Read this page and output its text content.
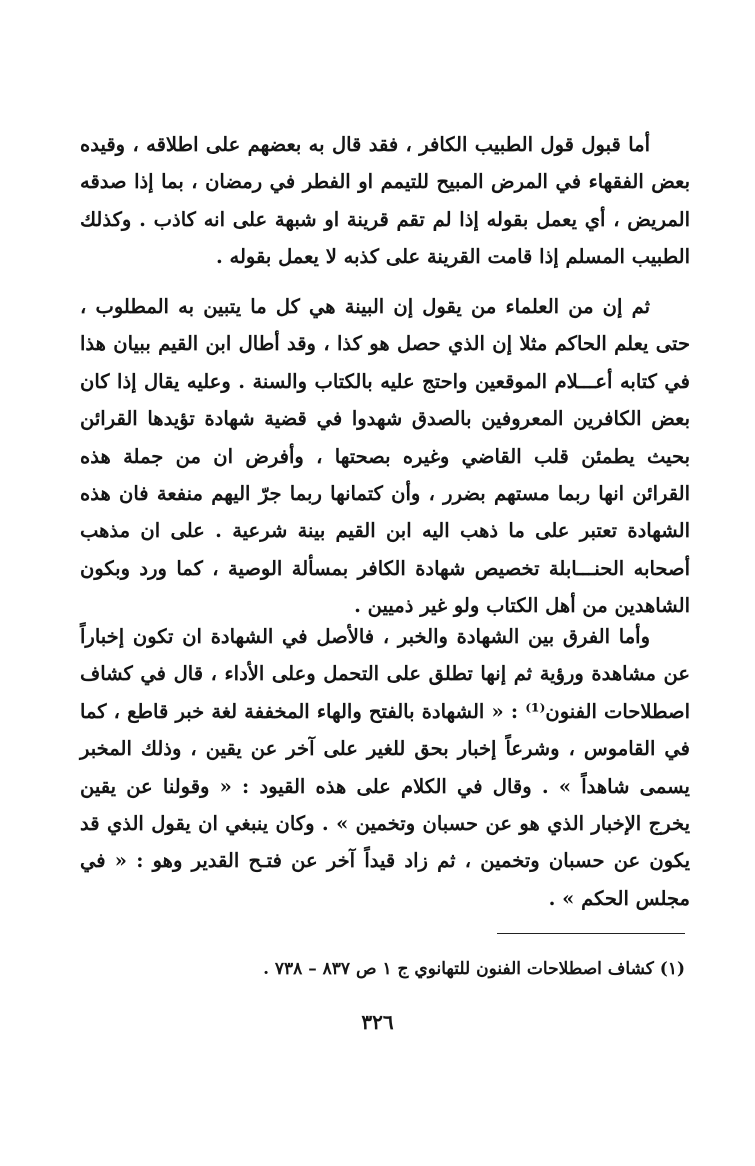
أما قبول قول الطبيب الكافر ، فقد قال به بعضهم على اطلاقه ، وقيده بعض الفقهاء في المرض المبيح للتيمم او الفطر في رمضان ، بما إذا صدقه المريض ، أي يعمل بقوله إذا لم تقم قرينة او شبهة على انه كاذب . وكذلك الطبيب المسلم إذا قامت القرينة على كذبه لا يعمل بقوله .

ثم إن من العلماء من يقول إن البينة هي كل ما يتبين به المطلوب ، حتى يعلم الحاكم مثلا إن الذي حصل هو كذا ، وقد أطال ابن القيم ببيان هذا في كتابه أعـــلام الموقعين واحتج عليه بالكتاب والسنة . وعليه يقال إذا كان بعض الكافرين المعروفين بالصدق شهدوا في قضية شهادة تؤيدها القرائن بحيث يطمئن قلب القاضي وغيره بصحتها ، وأفرض ان من جملة هذه القرائن انها ربما مستهم بضرر ، وأن كتمانها ربما جرّ اليهم منفعة فان هذه الشهادة تعتبر على ما ذهب اليه ابن القيم بينة شرعية . على ان مذهب أصحابه الحنـــابلة تخصيص شهادة الكافر بمسألة الوصية ، كما ورد وبكون الشاهدين من أهل الكتاب ولو غير ذميين .

وأما الفرق بين الشهادة والخبر ، فالأصل في الشهادة ان تكون إخباراً عن مشاهدة ورؤية ثم إنها تطلق على التحمل وعلى الأداء ، قال في كشاف اصطلاحات الفنون⁽¹⁾ : « الشهادة بالفتح والهاء المخففة لغة خبر قاطع ، كما في القاموس ، وشرعاً إخبار بحق للغير على آخر عن يقين ، وذلك المخبر يسمى شاهداً » . وقال في الكلام على هذه القيود : « وقولنا عن يقين يخرج الإخبار الذي هو عن حسبان وتخمين » . وكان ينبغي ان يقول الذي قد يكون عن حسبان وتخمين ، ثم زاد قيداً آخر عن فتـح القدير وهو : « في مجلس الحكم » .

(١) كشاف اصطلاحات الفنون للتهانوي ج ١ ص ٨٣٧ – ٧٣٨ .
٣٢٦
